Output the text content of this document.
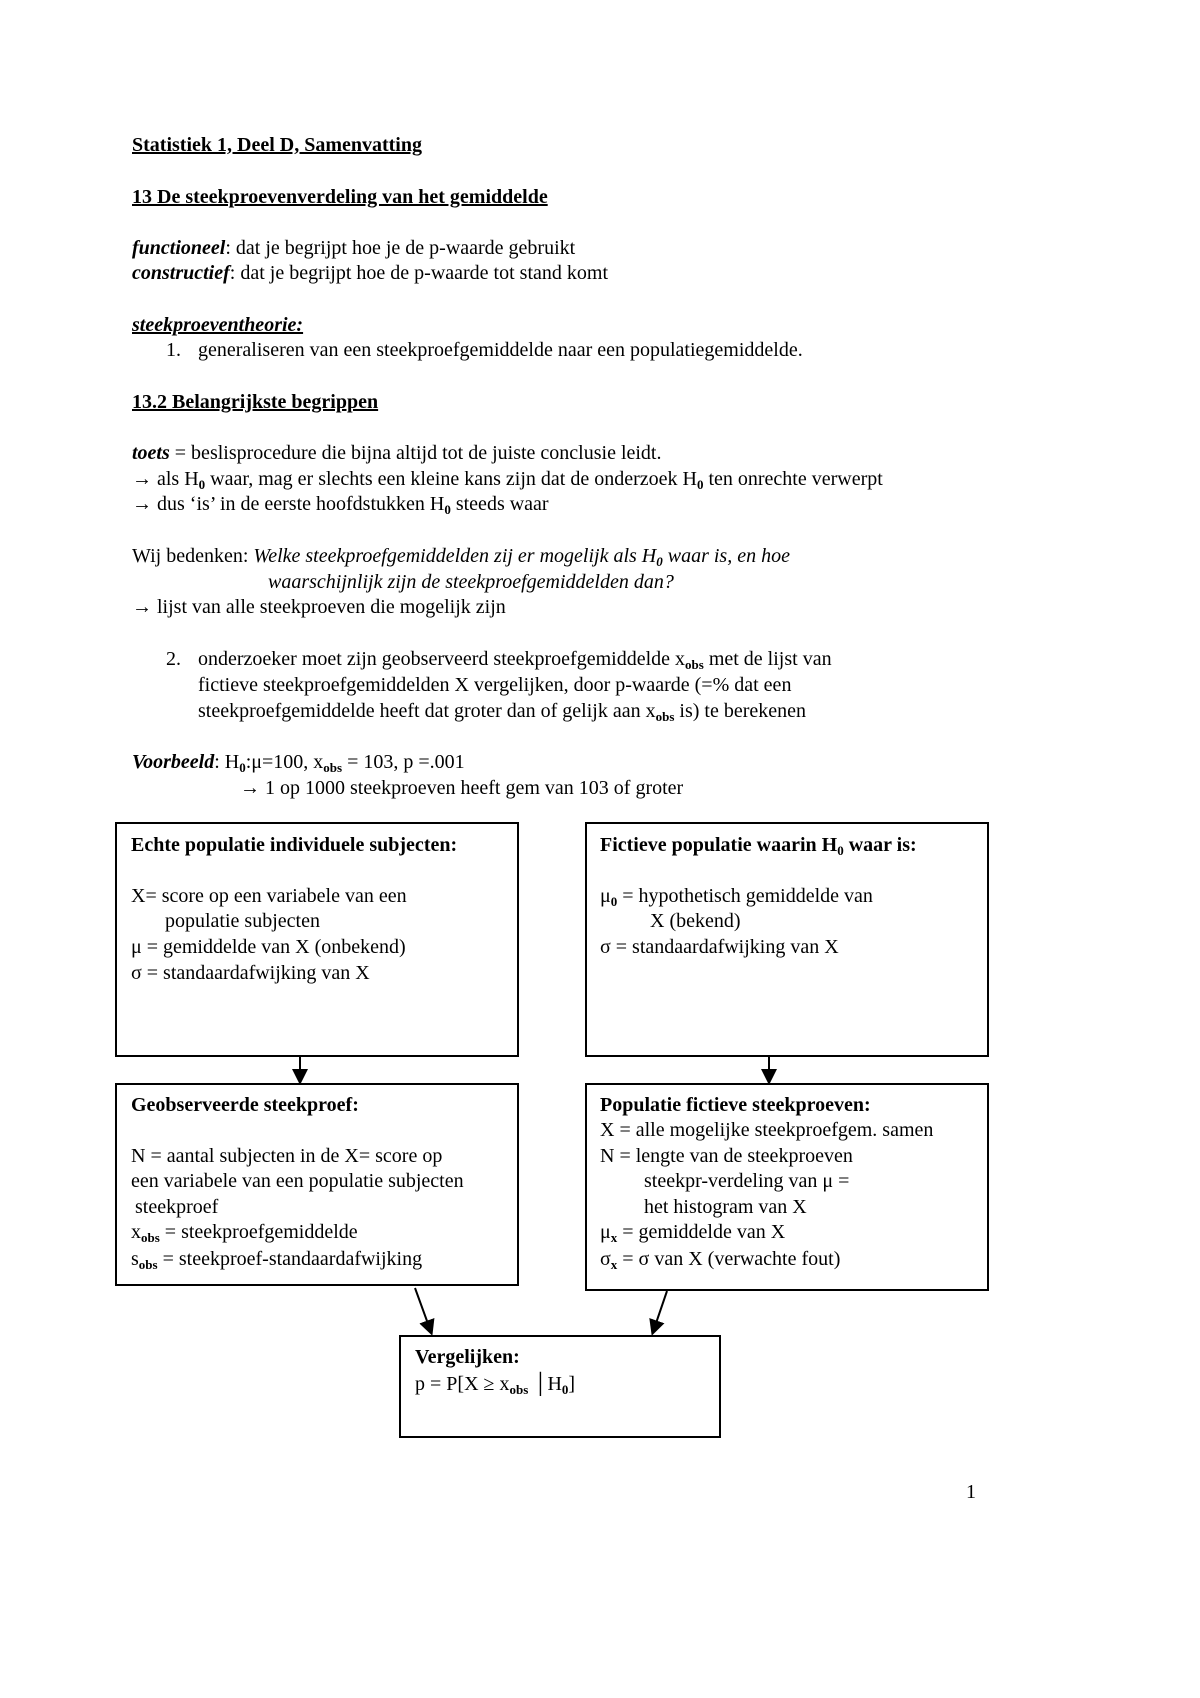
Statistiek 1, Deel D, Samenvatting
13 De steekproevenverdeling van het gemiddelde
functioneel: dat je begrijpt hoe je de p-waarde gebruikt
constructief: dat je begrijpt hoe de p-waarde tot stand komt
steekproeventheorie:
1. generaliseren van een steekproefgemiddelde naar een populatiegemiddelde.
13.2 Belangrijkste begrippen
toets = beslisprocedure die bijna altijd tot de juiste conclusie leidt.
→ als $H_0$ waar, mag er slechts een kleine kans zijn dat de onderzoek $H_0$ ten onrechte verwerpt
→ dus ‘is’ in de eerste hoofdstukken $H_0$ steeds waar
Wij bedenken: Welke steekproefgemiddelden zij er mogelijk als $H_0$ waar is, en hoe
waarschijnlijk zijn de steekproefgemiddelden dan?
→ lijst van alle steekproeven die mogelijk zijn
2. onderzoeker moet zijn geobserveerd steekproefgemiddelde $x_{obs}$ met de lijst van
fictieve steekproefgemiddelden X vergelijken, door p-waarde (=% dat een
steekproefgemiddelde heeft dat groter dan of gelijk aan $x_{obs}$ is) te berekenen
Voorbeeld: $H_0:\mu=100$, $x_{obs} = 103$, p =.001
→ 1 op 1000 steekproeven heeft gem van 103 of groter
Echte populatie individuele subjecten:
X= score op een variabele van een
populatie subjecten
μ = gemiddelde van X (onbekend)
σ = standaardafwijking van X
Fictieve populatie waarin $H_0$ waar is:
$\mu_0$ = hypothetisch gemiddelde van
X (bekend)
σ = standaardafwijking van X
Geobserveerde steekproef:
N = aantal subjecten in de X= score op
een variabele van een populatie subjecten
steekproef
$x_{obs}$ = steekproefgemiddelde
$s_{obs}$ = steekproef-standaardafwijking
Populatie fictieve steekproeven:
X = alle mogelijke steekproefgem. samen
N = lengte van de steekproeven
steekpr-verdeling van μ =
het histogram van X
$\mu_x$ = gemiddelde van X
$\sigma_x = \sigma$ van X (verwachte fout)
Vergelijken:
$p = P[X \ge x_{obs}$ $│H_0$]
1
